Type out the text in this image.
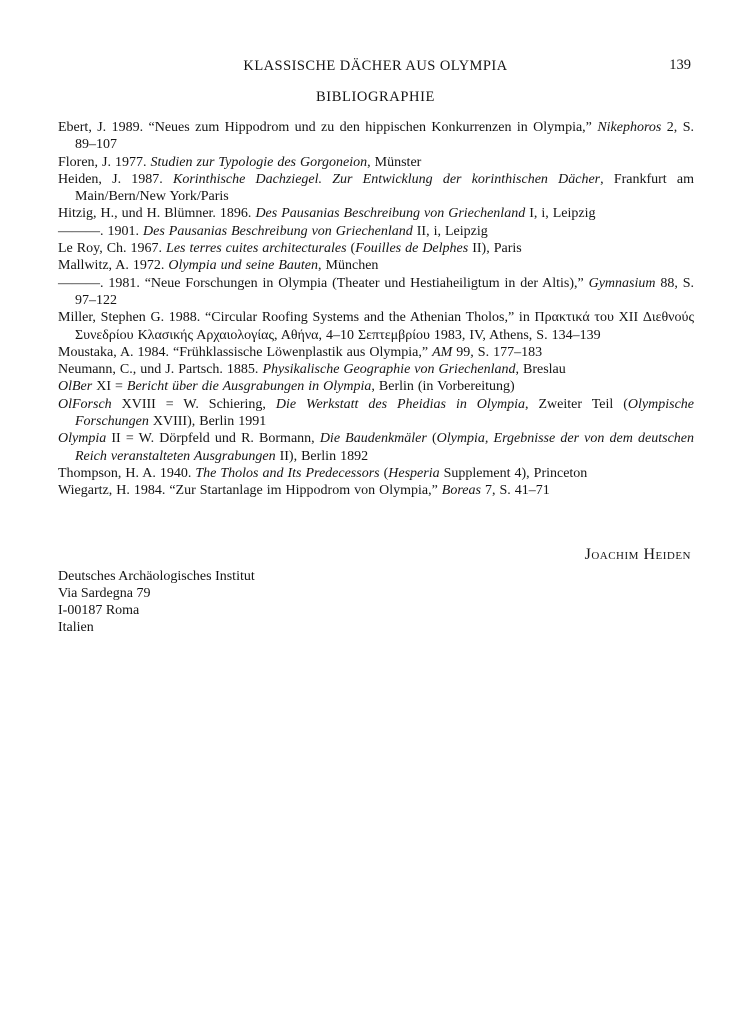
KLASSISCHE DÄCHER AUS OLYMPIA	139
BIBLIOGRAPHIE

Ebert, J. 1989. “Neues zum Hippodrom und zu den hippischen Konkurrenzen in Olympia,” Nikephoros 2, S. 89–107

Floren, J. 1977. Studien zur Typologie des Gorgoneion, Münster

Heiden, J. 1987. Korinthische Dachziegel. Zur Entwicklung der korinthischen Dächer, Frankfurt am Main/Bern/New York/Paris

Hitzig, H., und H. Blümner. 1896. Des Pausanias Beschreibung von Griechenland I, i, Leipzig

———. 1901. Des Pausanias Beschreibung von Griechenland II, i, Leipzig

Le Roy, Ch. 1967. Les terres cuites architecturales (Fouilles de Delphes II), Paris

Mallwitz, A. 1972. Olympia und seine Bauten, München

———. 1981. “Neue Forschungen in Olympia (Theater und Hestiaheiligtum in der Altis),” Gymnasium 88, S. 97–122

Miller, Stephen G. 1988. “Circular Roofing Systems and the Athenian Tholos,” in Πρακτικά του XII Διεθνούς Συνεδρίου Κλασικής Αρχαιολογίας, Αθήνα, 4–10 Σεπτεμβρίου 1983, IV, Athens, S. 134–139

Moustaka, A. 1984. “Frühklassische Löwenplastik aus Olympia,” AM 99, S. 177–183

Neumann, C., und J. Partsch. 1885. Physikalische Geographie von Griechenland, Breslau

OlBer XI = Bericht über die Ausgrabungen in Olympia, Berlin (in Vorbereitung)

OlForsch XVIII = W. Schiering, Die Werkstatt des Pheidias in Olympia, Zweiter Teil (Olympische Forschungen XVIII), Berlin 1991

Olympia II = W. Dörpfeld und R. Bormann, Die Baudenkmäler (Olympia, Ergebnisse der von dem deutschen Reich veranstalteten Ausgrabungen II), Berlin 1892

Thompson, H. A. 1940. The Tholos and Its Predecessors (Hesperia Supplement 4), Princeton

Wiegartz, H. 1984. “Zur Startanlage im Hippodrom von Olympia,” Boreas 7, S. 41–71

Joachim Heiden
Deutsches Archäologisches Institut
Via Sardegna 79
I-00187 Roma
Italien
